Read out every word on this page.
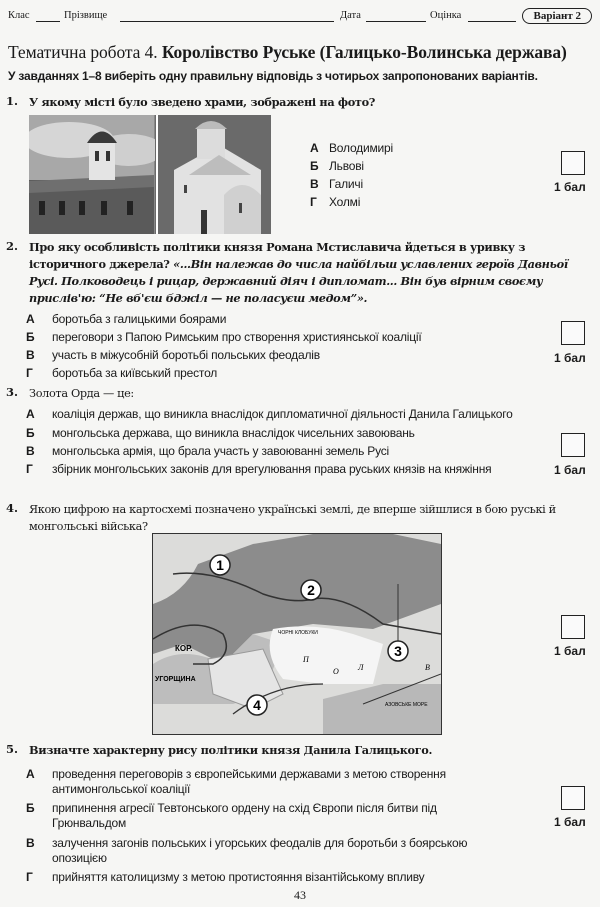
Клас	Прізвище	Дата	Оцінка	Варіант 2
Тематична робота 4. Королівство Руське (Галицько-Волинська держава)
У завданнях 1–8 виберіть одну правильну відповідь з чотирьох запропонованих варіантів.
1. У якому місті було зведено храми, зображені на фото?
А Володимирі
Б Львові
В Галичі
Г Холмі
1 бал
2. Про яку особливість політики князя Романа Мстиславича йдеться в уривку з історичного джерела? «...Він належав до числа найбільш уславлених героїв Давньої Русі. Полководець і рицар, державний діяч і дипломат... Він був вірним своєму прислів'ю: “Не вб'єш бджіл — не поласуєш медом”».
А боротьба з галицькими боярами
Б переговори з Папою Римським про створення християнської коаліції
В участь в міжусобній боротьбі польських феодалів
Г боротьба за київський престол
1 бал
3. Золота Орда — це:
А коаліція держав, що виникла внаслідок дипломатичної діяльності Данила Галицького
Б монгольська держава, що виникла внаслідок чисельних завоювань
В монгольська армія, що брала участь у завоюванні земель Русі
Г збірник монгольських законів для врегулювання права руських князів на княжіння	1 бал
4. Якою цифрою на картосхемі позначено українські землі, де вперше зійшлися в бою руські й монгольські війська?
1
2
3
4
КОР.
УГОРЩИНА
ЧОРНІ КЛОБУКИ
П
О Л	В
АЗОВСЬКЕ МОРЕ
1 бал
5. Визначте характерну рису політики князя Данила Галицького.
А проведення переговорів з європейськими державами з метою створення антимонгольської коаліції
Б припинення агресії Тевтонського ордену на схід Європи після битви під Грюнвальдом
В залучення загонів польських і угорських феодалів для боротьби з боярською опозицією
Г прийняття католицизму з метою протистояння візантійському впливу
1 бал
43
